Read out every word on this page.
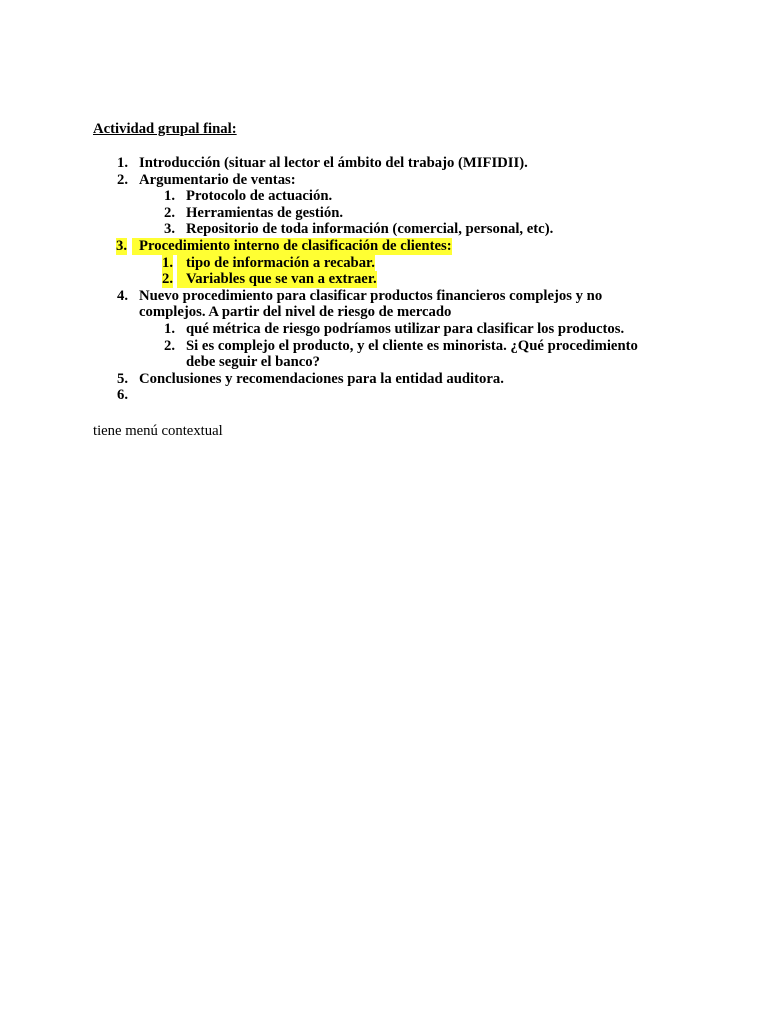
Actividad grupal final:
1. Introducción (situar al lector el ámbito del trabajo (MIFIDII).
2. Argumentario de ventas:
1. Protocolo de actuación.
2. Herramientas de gestión.
3. Repositorio de toda información (comercial, personal, etc).
3. Procedimiento interno de clasificación de clientes:
1. tipo de información a recabar.
2. Variables que se van a extraer.
4. Nuevo procedimiento para clasificar productos financieros complejos y no
complejos. A partir del nivel de riesgo de mercado
1. qué métrica de riesgo podríamos utilizar para clasificar los productos.
2. Si es complejo el producto, y el cliente es minorista. ¿Qué procedimiento
debe seguir el banco?
5. Conclusiones y recomendaciones para la entidad auditora.
6.
tiene menú contextual
